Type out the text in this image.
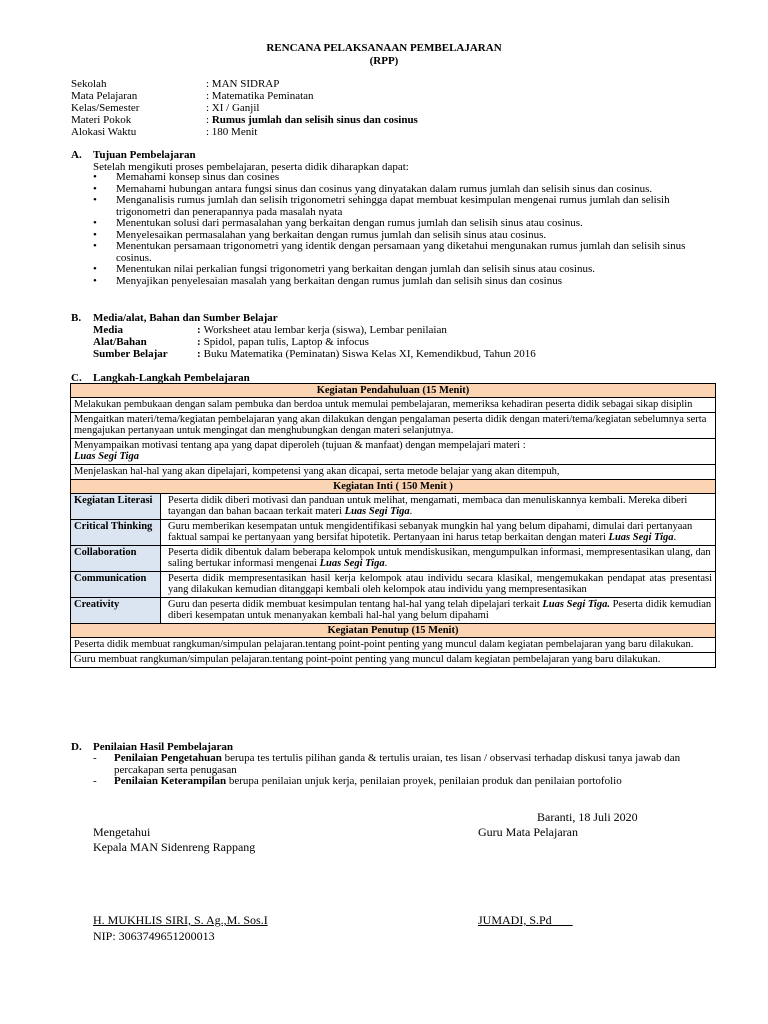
RENCANA PELAKSANAAN PEMBELAJARAN
(RPP)
Sekolah	: MAN SIDRAP
Mata Pelajaran	: Matematika Peminatan
Kelas/Semester	: XI / Ganjil
Materi Pokok	: Rumus jumlah dan selisih sinus dan cosinus
Alokasi Waktu	: 180 Menit
A. Tujuan Pembelajaran
Setelah mengikuti proses pembelajaran, peserta didik diharapkan dapat:
• Memahami konsep sinus dan cosines
• Memahami hubungan antara fungsi sinus dan cosinus yang dinyatakan dalam rumus jumlah dan selisih sinus dan cosinus.
• Menganalisis rumus jumlah dan selisih trigonometri sehingga dapat membuat kesimpulan mengenai rumus jumlah dan selisih trigonometri dan penerapannya pada masalah nyata
• Menentukan solusi dari permasalahan yang berkaitan dengan rumus jumlah dan selisih sinus atau cosinus.
• Menyelesaikan permasalahan yang berkaitan dengan rumus jumlah dan selisih sinus atau cosinus.
• Menentukan persamaan trigonometri yang identik dengan persamaan yang diketahui mengunakan rumus jumlah dan selisih sinus cosinus.
• Menentukan nilai perkalian fungsi trigonometri yang berkaitan dengan jumlah dan selisih sinus atau cosinus.
• Menyajikan penyelesaian masalah yang berkaitan dengan rumus jumlah dan selisih sinus dan cosinus
B. Media/alat, Bahan dan Sumber Belajar
Media	: Worksheet atau lembar kerja (siswa), Lembar penilaian
Alat/Bahan	: Spidol, papan tulis, Laptop & infocus
Sumber Belajar	: Buku Matematika (Peminatan) Siswa Kelas XI, Kemendikbud, Tahun 2016
C. Langkah-Langkah Pembelajaran
Kegiatan Pendahuluan (15 Menit)	
Melakukan pembukaan dengan salam pembuka dan berdoa untuk memulai pembelajaran, memeriksa kehadiran peserta didik sebagai sikap disiplin	
Mengaitkan materi/tema/kegiatan pembelajaran yang akan dilakukan dengan pengalaman peserta didik dengan materi/tema/kegiatan sebelumnya serta mengajukan pertanyaan untuk mengingat dan menghubungkan dengan materi selanjutnya.	
Menyampaikan motivasi tentang apa yang dapat diperoleh (tujuan & manfaat) dengan mempelajari materi :
Luas Segi Tiga	
Menjelaskan hal-hal yang akan dipelajari, kompetensi yang akan dicapai, serta metode belajar yang akan ditempuh,	
Kegiatan Inti ( 150 Menit )	
Kegiatan Literasi	Peserta didik diberi motivasi dan panduan untuk melihat, mengamati, membaca dan menuliskannya kembali. Mereka diberi tayangan dan bahan bacaan terkait materi Luas Segi Tiga.
Critical Thinking	Guru memberikan kesempatan untuk mengidentifikasi sebanyak mungkin hal yang belum dipahami, dimulai dari pertanyaan faktual sampai ke pertanyaan yang bersifat hipotetik. Pertanyaan ini harus tetap berkaitan dengan materi Luas Segi Tiga.
Collaboration	Peserta didik dibentuk dalam beberapa kelompok untuk mendiskusikan, mengumpulkan informasi, mempresentasikan ulang, dan saling bertukar informasi mengenai Luas Segi Tiga.
Communication	Peserta didik mempresentasikan hasil kerja kelompok atau individu secara klasikal, mengemukakan pendapat atas presentasi yang dilakukan kemudian ditanggapi kembali oleh kelompok atau individu yang mempresentasikan
Creativity	Guru dan peserta didik membuat kesimpulan tentang hal-hal yang telah dipelajari terkait Luas Segi Tiga. Peserta didik kemudian diberi kesempatan untuk menanyakan kembali hal-hal yang belum dipahami
Kegiatan Penutup (15 Menit)	
Peserta didik membuat rangkuman/simpulan pelajaran.tentang point-point penting yang muncul dalam kegiatan pembelajaran yang baru dilakukan.	
Guru membuat rangkuman/simpulan pelajaran.tentang point-point penting yang muncul dalam kegiatan pembelajaran yang baru dilakukan.	
D. Penilaian Hasil Pembelajaran
- Penilaian Pengetahuan berupa tes tertulis pilihan ganda & tertulis uraian, tes lisan / observasi terhadap diskusi tanya jawab dan percakapan serta penugasan
- Penilaian Keterampilan berupa penilaian unjuk kerja, penilaian proyek, penilaian produk dan penilaian portofolio
Baranti, 18 Juli 2020
Mengetahui	Guru Mata Pelajaran
Kepala MAN Sidenreng Rappang
H. MUKHLIS SIRI, S. Ag.,M. Sos.I	JUMADI, S.Pd
NIP: 3063749651200013
